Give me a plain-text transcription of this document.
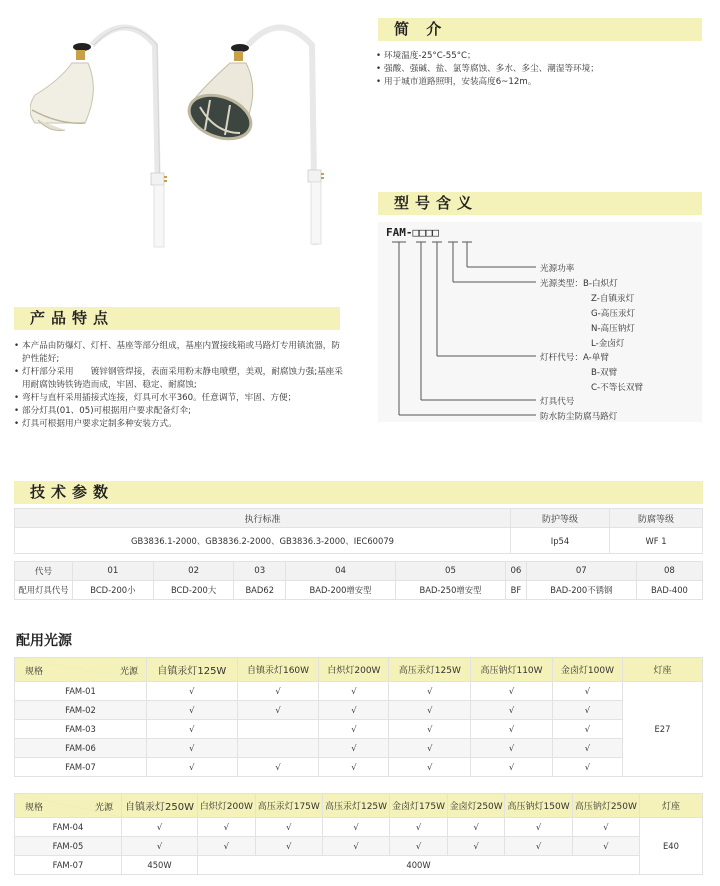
简 介
• 环境温度-25°C-55°C；
• 强酸、强碱、盐、氯等腐蚀、多水、多尘、潮湿等环境；
• 用于城市道路照明，安装高度6~12m。
型号含义
FAM-□□□□
光源功率
光源类型：B-白炽灯
Z-自镇汞灯
G-高压汞灯
N-高压钠灯
L-金卤灯
灯杆代号：A-单臂
B-双臂
C-不等长双臂
灯具代号
防水防尘防腐马路灯
产品特点
• 本产品由防爆灯、灯杆、基座等部分组成，基座内置接线箱或马路灯专用镇流器，防护性能好;
• 灯杆部分采用　　镀锌钢管焊接，表面采用粉末静电喷塑，美观，耐腐蚀力强;基座采用耐腐蚀铸铁铸造而成，牢固、稳定、耐腐蚀;
• 弯杆与直杆采用插接式连接，灯具可水平360。任意调节，牢固、方便；
• 部分灯具(01、05)可根据用户要求配备灯伞;
• 灯具可根据用户要求定制多种安装方式。
技术参数
执行标准	防护等级	防腐等级
GB3836.1-2000、GB3836.2-2000、GB3836.3-2000、IEC60079	Ip54	WF 1
代号	01	02	03	04	05	06	07	08
配用灯具代号	BCD-200小	BCD-200大	BAD62	BAD-200增安型	BAD-250增安型	BF	BAD-200不锈钢	BAD-400
配用光源
规格 光源	自镇汞灯125W	自镇汞灯160W	白炽灯200W	高压汞灯125W	高压钠灯110W	金卤灯100W	灯座
FAM-01	√	√	√	√	√	√	E27
FAM-02	√	√	√	√	√	√	
FAM-03	√		√	√	√	√	
FAM-06	√		√	√	√	√	
FAM-07	√	√	√	√	√	√	
规格 光源	自镇汞灯250W	白炽灯200W	高压汞灯175W	高压汞灯125W	金卤灯175W	金卤灯250W	高压钠灯150W	高压钠灯250W	灯座
FAM-04	√	√	√	√	√	√	√	√	E40
FAM-05	√	√	√	√	√	√	√	√	
FAM-07	450W	400W							
